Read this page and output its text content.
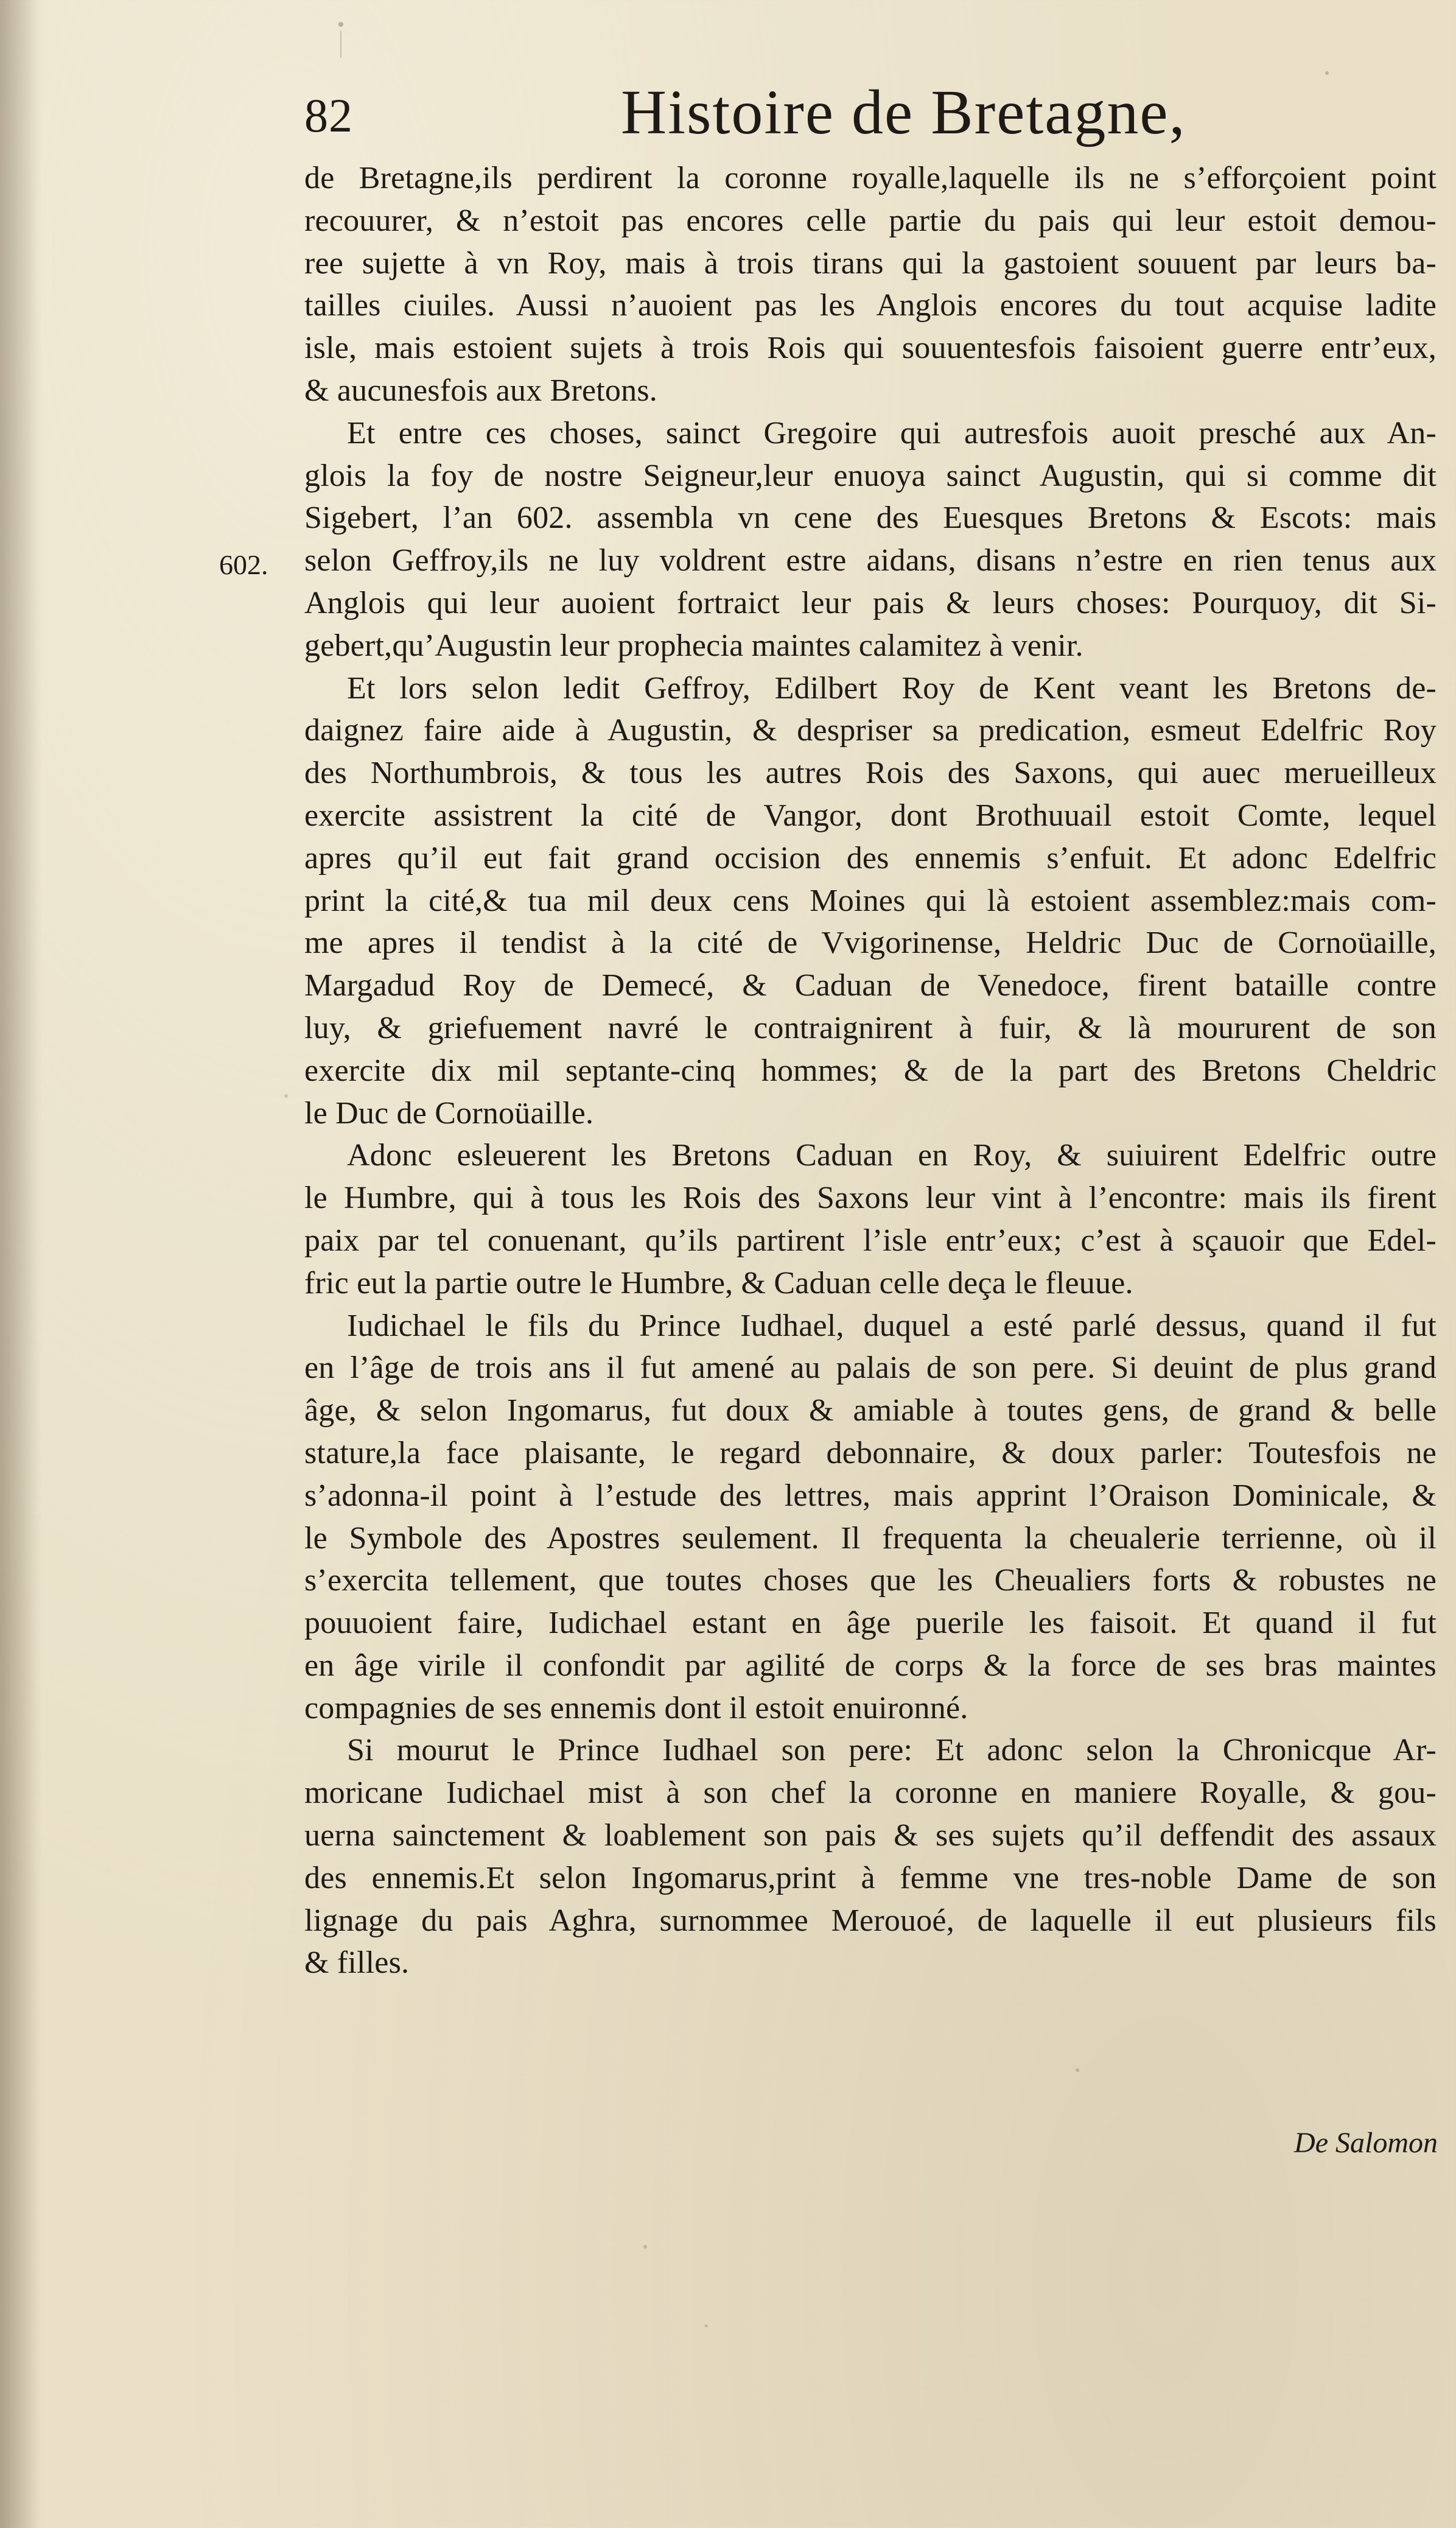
82	Histoire de Bretagne,
602.
de Bretagne,ils perdirent la coronne royalle,laquelle ils ne s’efforçoient point
recouurer, & n’estoit pas encores celle partie du pais qui leur estoit demou-
ree sujette à vn Roy, mais à trois tirans qui la gastoient souuent par leurs ba-
tailles ciuiles. Aussi n’auoient pas les Anglois encores du tout acquise ladite
isle, mais estoient sujets à trois Rois qui souuentesfois faisoient guerre entr’eux,
& aucunesfois aux Bretons.
Et entre ces choses, sainct Gregoire qui autresfois auoit presché aux An-
glois la foy de nostre Seigneur,leur enuoya sainct Augustin, qui si comme dit
Sigebert, l’an 602. assembla vn cene des Euesques Bretons & Escots: mais
selon Geffroy,ils ne luy voldrent estre aidans, disans n’estre en rien tenus aux
Anglois qui leur auoient fortraict leur pais & leurs choses: Pourquoy, dit Si-
gebert,qu’Augustin leur prophecia maintes calamitez à venir.
Et lors selon ledit Geffroy, Edilbert Roy de Kent veant les Bretons de-
daignez faire aide à Augustin, & despriser sa predication, esmeut Edelfric Roy
des Northumbrois, & tous les autres Rois des Saxons, qui auec merueilleux
exercite assistrent la cité de Vangor, dont Brothuuail estoit Comte, lequel
apres qu’il eut fait grand occision des ennemis s’enfuit. Et adonc Edelfric
print la cité,& tua mil deux cens Moines qui là estoient assemblez:mais com-
me apres il tendist à la cité de Vvigorinense, Heldric Duc de Cornoüaille,
Margadud Roy de Demecé, & Caduan de Venedoce, firent bataille contre
luy, & griefuement navré le contraignirent à fuir, & là moururent de son
exercite dix mil septante-cinq hommes; & de la part des Bretons Cheldric
le Duc de Cornoüaille.
Adonc esleuerent les Bretons Caduan en Roy, & suiuirent Edelfric outre
le Humbre, qui à tous les Rois des Saxons leur vint à l’encontre: mais ils firent
paix par tel conuenant, qu’ils partirent l’isle entr’eux; c’est à sçauoir que Edel-
fric eut la partie outre le Humbre, & Caduan celle deça le fleuue.
Iudichael le fils du Prince Iudhael, duquel a esté parlé dessus, quand il fut
en l’âge de trois ans il fut amené au palais de son pere. Si deuint de plus grand
âge, & selon Ingomarus, fut doux & amiable à toutes gens, de grand & belle
stature,la face plaisante, le regard debonnaire, & doux parler: Toutesfois ne
s’adonna-il point à l’estude des lettres, mais apprint l’Oraison Dominicale, &
le Symbole des Apostres seulement. Il frequenta la cheualerie terrienne, où il
s’exercita tellement, que toutes choses que les Cheualiers forts & robustes ne
pouuoient faire, Iudichael estant en âge puerile les faisoit. Et quand il fut
en âge virile il confondit par agilité de corps & la force de ses bras maintes
compagnies de ses ennemis dont il estoit enuironné.
Si mourut le Prince Iudhael son pere: Et adonc selon la Chronicque Ar-
moricane Iudichael mist à son chef la coronne en maniere Royalle, & gou-
uerna sainctement & loablement son pais & ses sujets qu’il deffendit des assaux
des ennemis.Et selon Ingomarus,print à femme vne tres-noble Dame de son
lignage du pais Aghra, surnommee Merouoé, de laquelle il eut plusieurs fils
& filles.
De Salomon
